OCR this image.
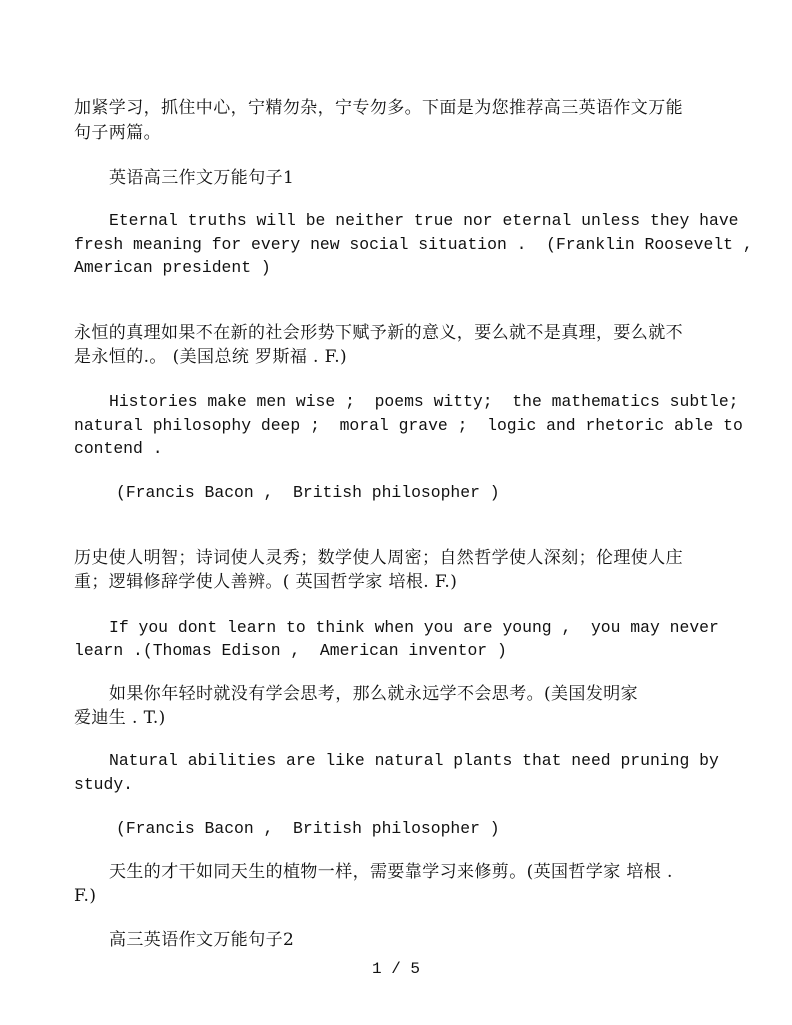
加紧学习，抓住中心，宁精勿杂，宁专勿多。下面是为您推荐高三英语作文万能

句子两篇。

英语高三作文万能句子1

Eternal truths will be neither true nor eternal unless they have

fresh meaning for every new social situation .  (Franklin Roosevelt ,

American president )

永恒的真理如果不在新的社会形势下赋予新的意义，要么就不是真理，要么就不

是永恒的.。 (美国总统 罗斯福 . F.)

Histories make men wise ;  poems witty;  the mathematics subtle;

natural philosophy deep ;  moral grave ;  logic and rhetoric able to

contend .

(Francis Bacon ,  British philosopher )

历史使人明智；诗词使人灵秀；数学使人周密；自然哲学使人深刻；伦理使人庄

重；逻辑修辞学使人善辨。( 英国哲学家 培根. F.)

If you dont learn to think when you are young ,  you may never

learn .(Thomas Edison ,  American inventor )

如果你年轻时就没有学会思考，那么就永远学不会思考。(美国发明家

爱迪生 . T.)

Natural abilities are like natural plants that need pruning by

study.

(Francis Bacon ,  British philosopher )

天生的才干如同天生的植物一样，需要靠学习来修剪。(英国哲学家 培根 .

F.)

高三英语作文万能句子2

1 / 5
